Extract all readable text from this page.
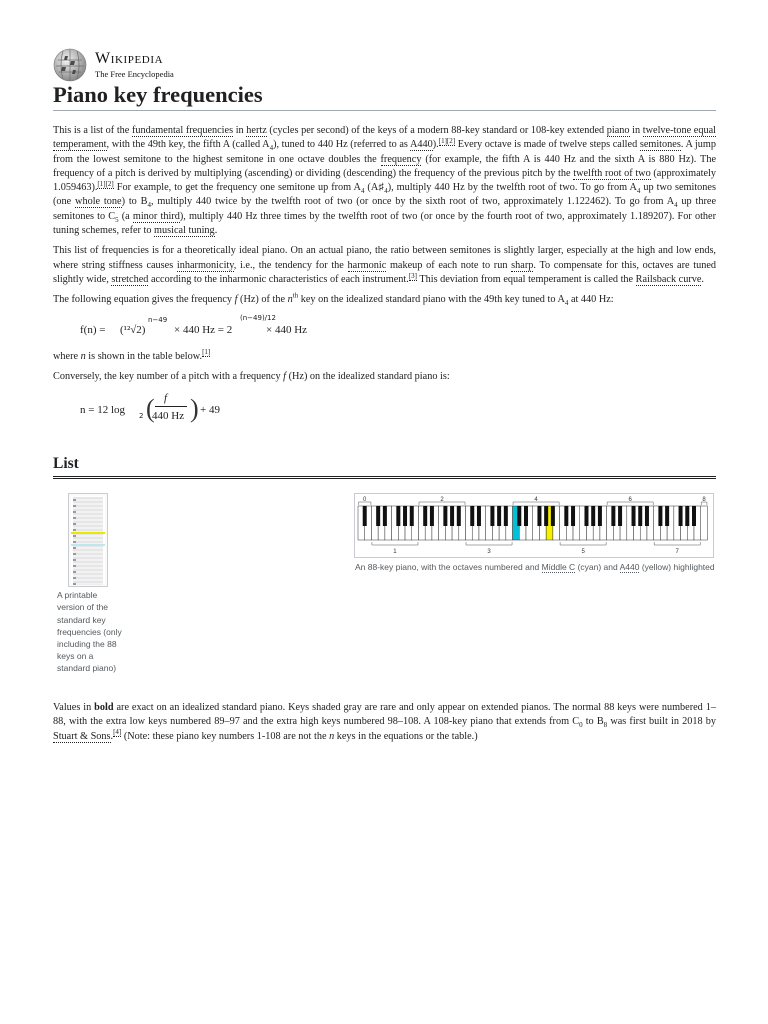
Wikipedia
The Free Encyclopedia
Piano key frequencies

This is a list of the fundamental frequencies in hertz (cycles per second) of the keys of a modern 88-key standard or 108-key extended piano in twelve-tone equal temperament, with the 49th key, the fifth A (called $A_4$), tuned to 440 Hz (referred to as A440).[1][2] Every octave is made of twelve steps called semitones. A jump from the lowest semitone to the highest semitone in one octave doubles the frequency (for example, the fifth A is 440 Hz and the sixth A is 880 Hz). The frequency of a pitch is derived by multiplying (ascending) or dividing (descending) the frequency of the previous pitch by the twelfth root of two (approximately 1.059463).[1][2] For example, to get the frequency one semitone up from $A_4$ $(A♯_4)$, multiply 440 Hz by the twelfth root of two. To go from $A_4$ up two semitones (one whole tone) to $B_4$, multiply 440 twice by the twelfth root of two (or once by the sixth root of two, approximately 1.122462). To go from $A_4$ up three semitones to $C_5$ (a minor third), multiply 440 Hz three times by the twelfth root of two (or once by the fourth root of two, approximately 1.189207). For other tuning schemes, refer to musical tuning.

This list of frequencies is for a theoretically ideal piano. On an actual piano, the ratio between semitones is slightly larger, especially at the high and low ends, where string stiffness causes inharmonicity, i.e., the tendency for the harmonic makeup of each note to run sharp. To compensate for this, octaves are tuned slightly wide, stretched according to the inharmonic characteristics of each instrument.[3] This deviation from equal temperament is called the Railsback curve.

The following equation gives the frequency f (Hz) of the $n^{th}$ key on the idealized standard piano with the 49th key tuned to $A_4$ at 440 Hz:

f(n) = (¹²√2)
n−49
× 440 Hz = 2
(n−49)/12
× 440 Hz

where n is shown in the table below.[1]

Conversely, the key number of a pitch with a frequency f (Hz) on the idealized standard piano is:

n = 12 log 2 ( f
440 Hz ) + 49
List
A printable version of the standard key frequencies (only including the 88 keys on a standard piano)
0
1
2
3
4
5
6
7
8
An 88-key piano, with the octaves numbered and Middle C (cyan) and A440 (yellow) highlighted

Values in bold are exact on an idealized standard piano. Keys shaded gray are rare and only appear on extended pianos. The normal 88 keys were numbered 1–88, with the extra low keys numbered 89–97 and the extra high keys numbered 98–108. A 108-key piano that extends from $C_0$ to $B_8$ was first built in 2018 by Stuart & Sons.[4] (Note: these piano key numbers 1-108 are not the n keys in the equations or the table.)
